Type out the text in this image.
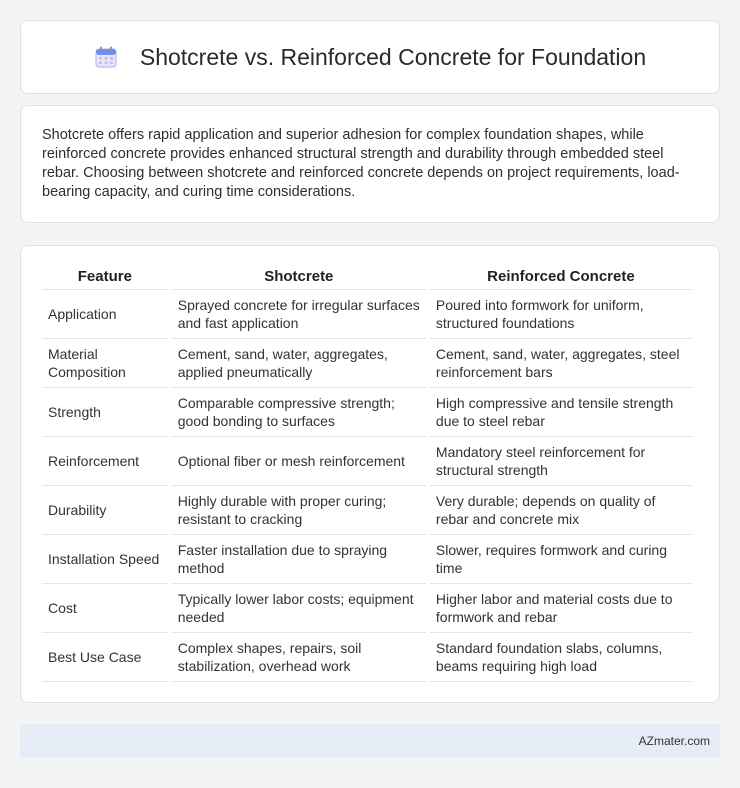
Shotcrete vs. Reinforced Concrete for Foundation

Shotcrete offers rapid application and superior adhesion for complex foundation shapes, while reinforced concrete provides enhanced structural strength and durability through embedded steel rebar. Choosing between shotcrete and reinforced concrete depends on project requirements, load-bearing capacity, and curing time considerations.

Feature	Shotcrete	Reinforced Concrete
Application	Sprayed concrete for irregular surfaces and fast application	Poured into formwork for uniform, structured foundations
Material Composition	Cement, sand, water, aggregates, applied pneumatically	Cement, sand, water, aggregates, steel reinforcement bars
Strength	Comparable compressive strength; good bonding to surfaces	High compressive and tensile strength due to steel rebar
Reinforcement	Optional fiber or mesh reinforcement	Mandatory steel reinforcement for structural strength
Durability	Highly durable with proper curing; resistant to cracking	Very durable; depends on quality of rebar and concrete mix
Installation Speed	Faster installation due to spraying method	Slower, requires formwork and curing time
Cost	Typically lower labor costs; equipment needed	Higher labor and material costs due to formwork and rebar
Best Use Case	Complex shapes, repairs, soil stabilization, overhead work	Standard foundation slabs, columns, beams requiring high load
AZmater.com
